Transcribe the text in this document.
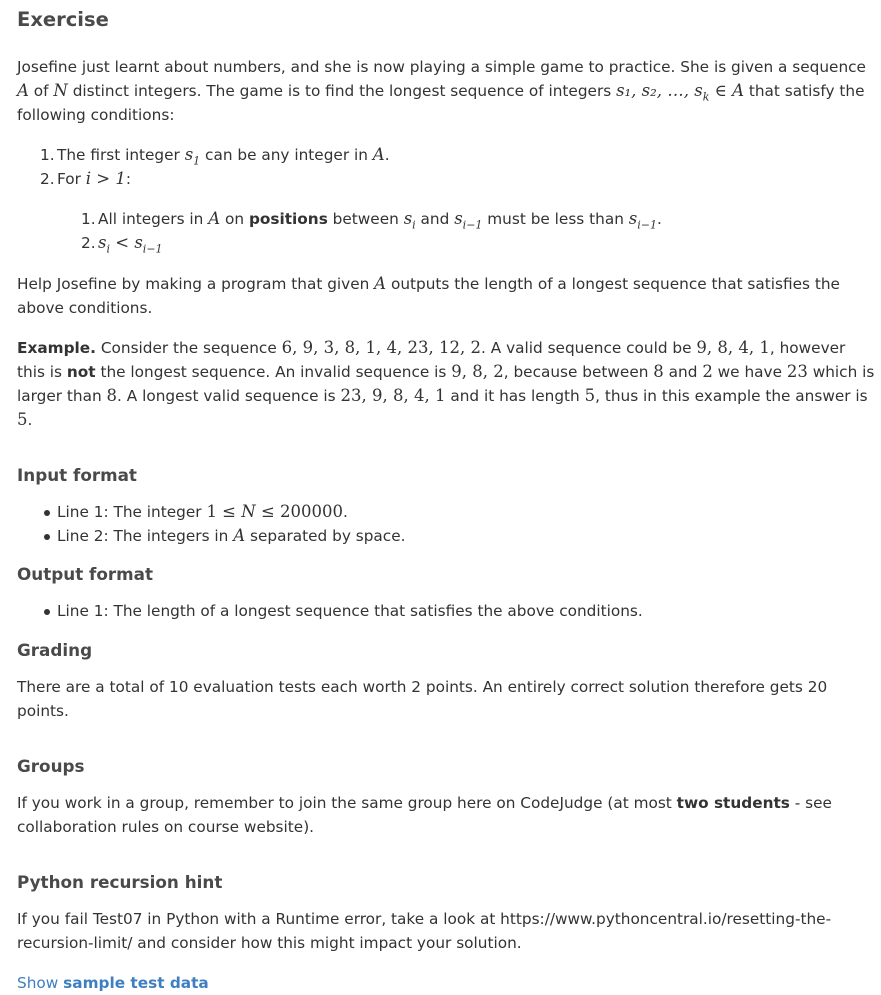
Exercise

Josefine just learnt about numbers, and she is now playing a simple game to practice. She is given a sequence A of N distinct integers. The game is to find the longest sequence of integers s₁, s₂, …, $s_k$ ∈ A that satisfy the following conditions:

1. The first integer $s_1$ can be any integer in A.
2. For i > 1:
1. All integers in A on positions between $s_i$ and $s_{i-1}$ must be less than $s_{i-1}$.
2. $s_i < s_{i-1}$

Help Josefine by making a program that given A outputs the length of a longest sequence that satisfies the above conditions.

Example. Consider the sequence 6, 9, 3, 8, 1, 4, 23, 12, 2. A valid sequence could be 9, 8, 4, 1, however this is not the longest sequence. An invalid sequence is 9, 8, 2, because between 8 and 2 we have 23 which is larger than 8. A longest valid sequence is 23, 9, 8, 4, 1 and it has length 5, thus in this example the answer is 5.

Input format
Line 1: The integer 1 ≤ N ≤ 200000.
Line 2: The integers in A separated by space.
Output format
Line 1: The length of a longest sequence that satisfies the above conditions.
Grading

There are a total of 10 evaluation tests each worth 2 points. An entirely correct solution therefore gets 20 points.

Groups

If you work in a group, remember to join the same group here on CodeJudge (at most two students - see collaboration rules on course website).

Python recursion hint

If you fail Test07 in Python with a Runtime error, take a look at https://www.pythoncentral.io/resetting-the-recursion-limit/ and consider how this might impact your solution.

Show sample test data
